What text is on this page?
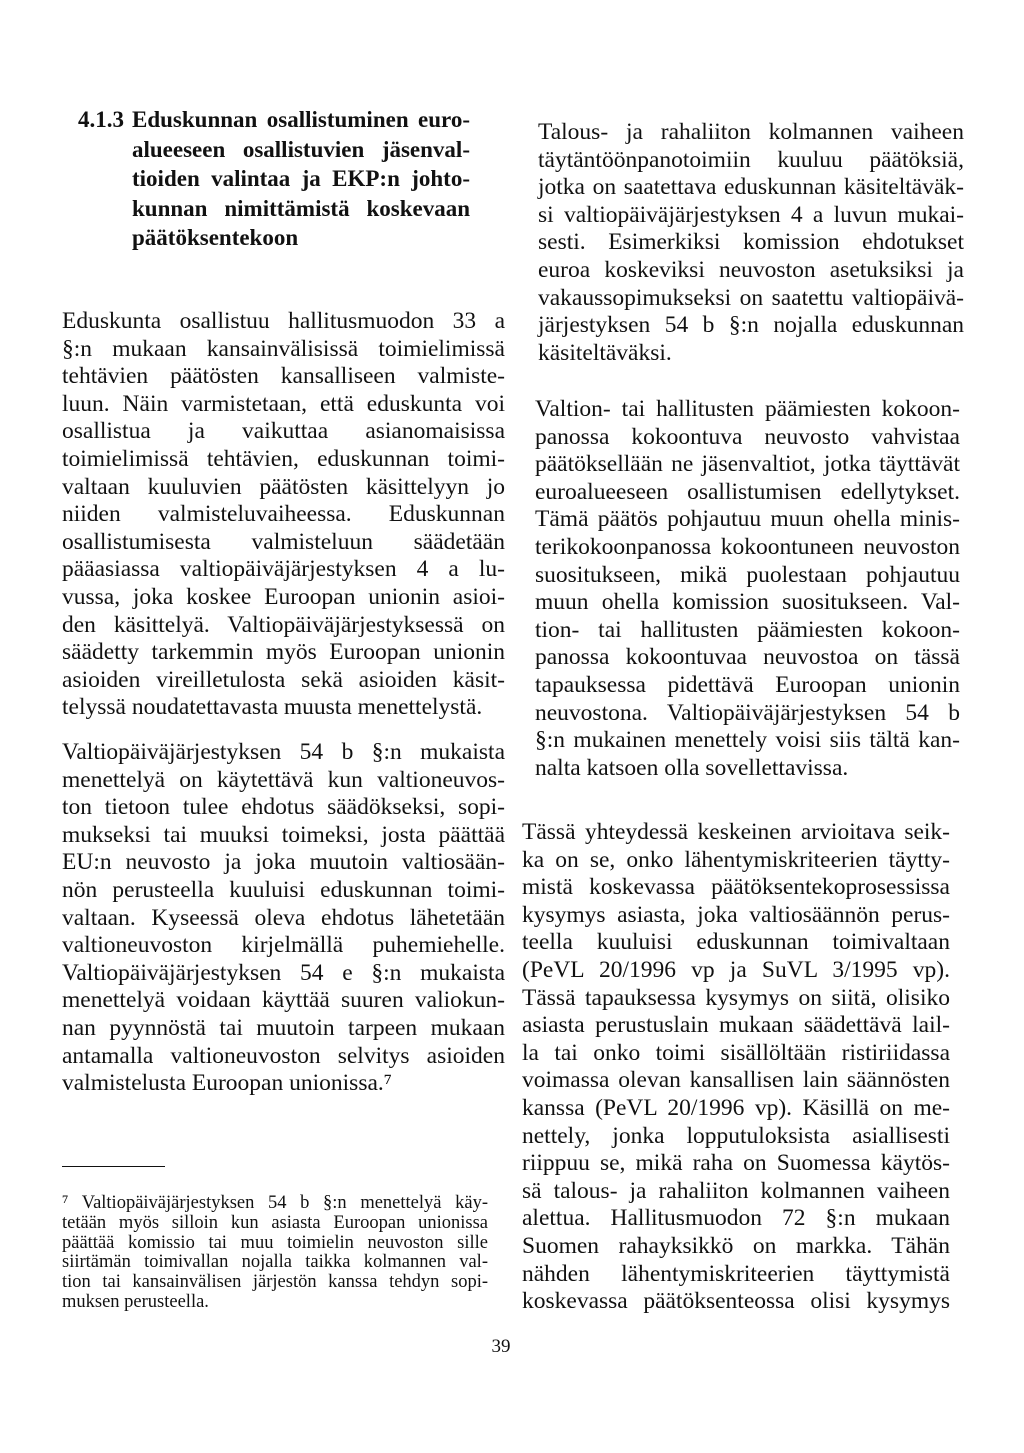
4.1.3 Eduskunnan osallistuminen euro-
alueeseen osallistuvien jäsenval-
tioiden valintaa ja EKP:n johto-
kunnan nimittämistä koskevaan
päätöksentekoon
Eduskunta osallistuu hallitusmuodon 33 a
§:n mukaan kansainvälisissä toimielimissä
tehtävien päätösten kansalliseen valmiste-
luun. Näin varmistetaan, että eduskunta voi
osallistua ja vaikuttaa asianomaisissa
toimielimissä tehtävien, eduskunnan toimi-
valtaan kuuluvien päätösten käsittelyyn jo
niiden valmisteluvaiheessa. Eduskunnan
osallistumisesta valmisteluun säädetään
pääasiassa valtiopäiväjärjestyksen 4 a lu-
vussa, joka koskee Euroopan unionin asioi-
den käsittelyä. Valtiopäiväjärjestyksessä on
säädetty tarkemmin myös Euroopan unionin
asioiden vireilletulosta sekä asioiden käsit-
telyssä noudatettavasta muusta menettelystä.
Valtiopäiväjärjestyksen 54 b §:n mukaista
menettelyä on käytettävä kun valtioneuvos-
ton tietoon tulee ehdotus säädökseksi, sopi-
mukseksi tai muuksi toimeksi, josta päättää
EU:n neuvosto ja joka muutoin valtiosään-
nön perusteella kuuluisi eduskunnan toimi-
valtaan. Kyseessä oleva ehdotus lähetetään
valtioneuvoston kirjelmällä puhemiehelle.
Valtiopäiväjärjestyksen 54 e §:n mukaista
menettelyä voidaan käyttää suuren valiokun-
nan pyynnöstä tai muutoin tarpeen mukaan
antamalla valtioneuvoston selvitys asioiden
valmistelusta Euroopan unionissa.⁷
⁷ Valtiopäiväjärjestyksen 54 b §:n menettelyä käy-
tetään myös silloin kun asiasta Euroopan unionissa
päättää komissio tai muu toimielin neuvoston sille
siirtämän toimivallan nojalla taikka kolmannen val-
tion tai kansainvälisen järjestön kanssa tehdyn sopi-
muksen perusteella.
Talous- ja rahaliiton kolmannen vaiheen
täytäntöönpanotoimiin kuuluu päätöksiä,
jotka on saatettava eduskunnan käsiteltäväk-
si valtiopäiväjärjestyksen 4 a luvun mukai-
sesti. Esimerkiksi komission ehdotukset
euroa koskeviksi neuvoston asetuksiksi ja
vakaussopimukseksi on saatettu valtiopäivä-
järjestyksen 54 b §:n nojalla eduskunnan
käsiteltäväksi.
Valtion- tai hallitusten päämiesten kokoon-
panossa kokoontuva neuvosto vahvistaa
päätöksellään ne jäsenvaltiot, jotka täyttävät
euroalueeseen osallistumisen edellytykset.
Tämä päätös pohjautuu muun ohella minis-
terikokoonpanossa kokoontuneen neuvoston
suositukseen, mikä puolestaan pohjautuu
muun ohella komission suositukseen. Val-
tion- tai hallitusten päämiesten kokoon-
panossa kokoontuvaa neuvostoa on tässä
tapauksessa pidettävä Euroopan unionin
neuvostona. Valtiopäiväjärjestyksen 54 b
§:n mukainen menettely voisi siis tältä kan-
nalta katsoen olla sovellettavissa.
Tässä yhteydessä keskeinen arvioitava seik-
ka on se, onko lähentymiskriteerien täytty-
mistä koskevassa päätöksentekoprosessissa
kysymys asiasta, joka valtiosäännön perus-
teella kuuluisi eduskunnan toimivaltaan
(PeVL 20/1996 vp ja SuVL 3/1995 vp).
Tässä tapauksessa kysymys on siitä, olisiko
asiasta perustuslain mukaan säädettävä lail-
la tai onko toimi sisällöltään ristiriidassa
voimassa olevan kansallisen lain säännösten
kanssa (PeVL 20/1996 vp). Käsillä on me-
nettely, jonka lopputuloksista asiallisesti
riippuu se, mikä raha on Suomessa käytös-
sä talous- ja rahaliiton kolmannen vaiheen
alettua. Hallitusmuodon 72 §:n mukaan
Suomen rahayksikkö on markka. Tähän
nähden lähentymiskriteerien täyttymistä
koskevassa päätöksenteossa olisi kysymys
39
